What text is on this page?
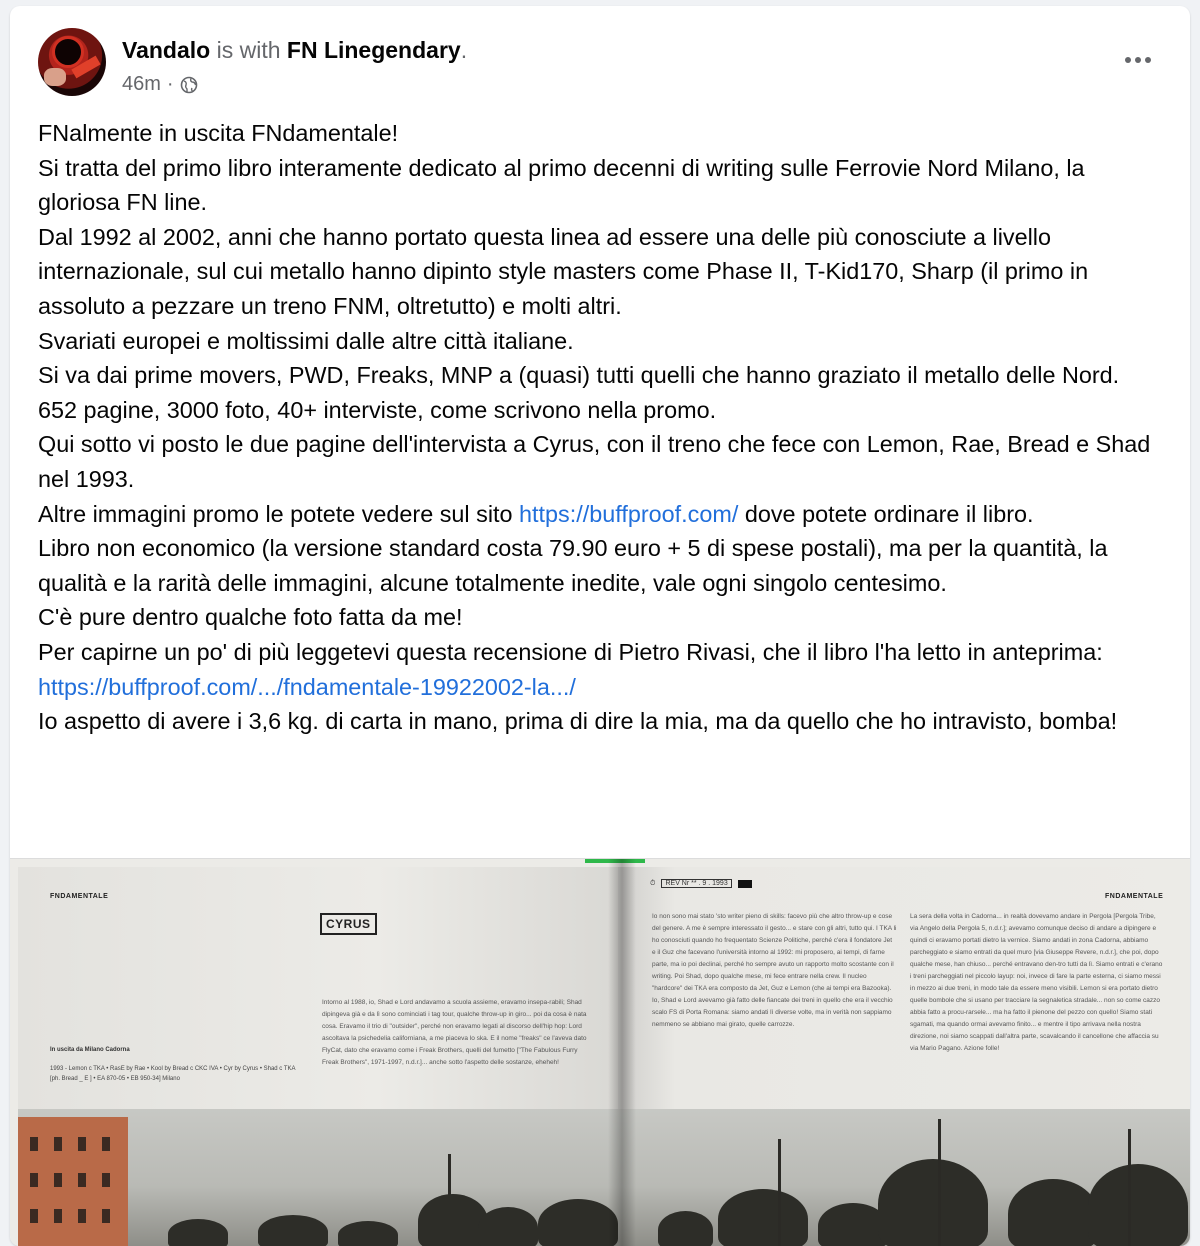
Vandalo is with FN Linegendary.
46m ·

FNalmente in uscita FNdamentale!

Si tratta del primo libro interamente dedicato al primo decenni di writing sulle Ferrovie Nord Milano, la gloriosa FN line.

Dal 1992 al 2002, anni che hanno portato questa linea ad essere una delle più conosciute a livello internazionale, sul cui metallo hanno dipinto style masters come Phase II, T-Kid170, Sharp (il primo in assoluto a pezzare un treno FNM, oltretutto) e molti altri.

Svariati europei e moltissimi dalle altre città italiane.

Si va dai prime movers, PWD, Freaks, MNP a (quasi) tutti quelli che hanno graziato il metallo delle Nord.

652 pagine, 3000 foto, 40+ interviste, come scrivono nella promo.

Qui sotto vi posto le due pagine dell'intervista a Cyrus, con il treno che fece con Lemon, Rae, Bread e Shad nel 1993.

Altre immagini promo le potete vedere sul sito https://buffproof.com/ dove potete ordinare il libro.

Libro non economico (la versione standard costa 79.90 euro + 5 di spese postali), ma per la quantità, la qualità e la rarità delle immagini, alcune totalmente inedite, vale ogni singolo centesimo.

C'è pure dentro qualche foto fatta da me!

Per capirne un po' di più leggetevi questa recensione di Pietro Rivasi, che il libro l'ha letto in anteprima: https://buffproof.com/.../fndamentale-19922002-la.../

Io aspetto di avere i 3,6 kg. di carta in mano, prima di dire la mia, ma da quello che ho intravisto, bomba!

FNDAMENTALE	FNDAMENTALE
CYRUS
In uscita da Milano Cadorna
1993 - Lemon c TKA • RasE by Rae • Kool by Bread c CKC IVA • Cyr by Cyrus • Shad c TKA [ph. Bread _ E ] • EA 870-05 • EB 950-34] Milano
Intorno al 1988, io, Shad e Lord andavamo a scuola assieme, eravamo insepa-rabili; Shad dipingeva già e da lì sono cominciati i tag tour, qualche throw-up in giro... poi da cosa è nata cosa. Eravamo il trio di "outsider", perché non eravamo legati al discorso dell'hip hop: Lord ascoltava la psichedelia californiana, a me piaceva lo ska. E il nome "freaks" ce l'aveva dato FlyCat, dato che eravamo come i Freak Brothers, quelli del fumetto ["The Fabulous Furry Freak Brothers", 1971-1997, n.d.r.]... anche sotto l'aspetto delle sostanze, eheheh!
⏱	REV Nr ** . 9 . 1993
Io non sono mai stato 'sto writer pieno di skills: facevo più che altro throw-up e cose del genere. A me è sempre interessato il gesto... e stare con gli altri, tutto qui. I TKA li ho conosciuti quando ho frequentato Scienze Politiche, perché c'era il fondatore Jet e il Guz che facevano l'università intorno al 1992: mi proposero, ai tempi, di farne parte, ma io poi declinai, perché ho sempre avuto un rapporto molto scostante con il writing. Poi Shad, dopo qualche mese, mi fece entrare nella crew. Il nucleo "hardcore" dei TKA era composto da Jet, Guz e Lemon (che ai tempi era Bazooka). Io, Shad e Lord avevamo già fatto delle fiancate dei treni in quello che era il vecchio scalo FS di Porta Romana: siamo andati lì diverse volte, ma in verità non sappiamo nemmeno se abbiano mai girato, quelle carrozze.
La sera della volta in Cadorna... in realtà dovevamo andare in Pergola [Pergola Tribe, via Angelo della Pergola 5, n.d.r.]; avevamo comunque deciso di andare a dipingere e quindi ci eravamo portati dietro la vernice. Siamo andati in zona Cadorna, abbiamo parcheggiato e siamo entrati da quel muro [via Giuseppe Revere, n.d.r.], che poi, dopo qualche mese, han chiuso... perché entravano den-tro tutti da lì. Siamo entrati e c'erano i treni parcheggiati nel piccolo layup: noi, invece di fare la parte esterna, ci siamo messi in mezzo ai due treni, in modo tale da essere meno visibili. Lemon si era portato dietro quelle bombole che si usano per tracciare la segnaletica stradale... non so come cazzo abbia fatto a procu-rarsele... ma ha fatto il pienone del pezzo con quello! Siamo stati sgamati, ma quando ormai avevamo finito... e mentre il tipo arrivava nella nostra direzione, noi siamo scappati dall'altra parte, scavalcando il cancellone che affaccia su via Mario Pagano. Azione folle!
